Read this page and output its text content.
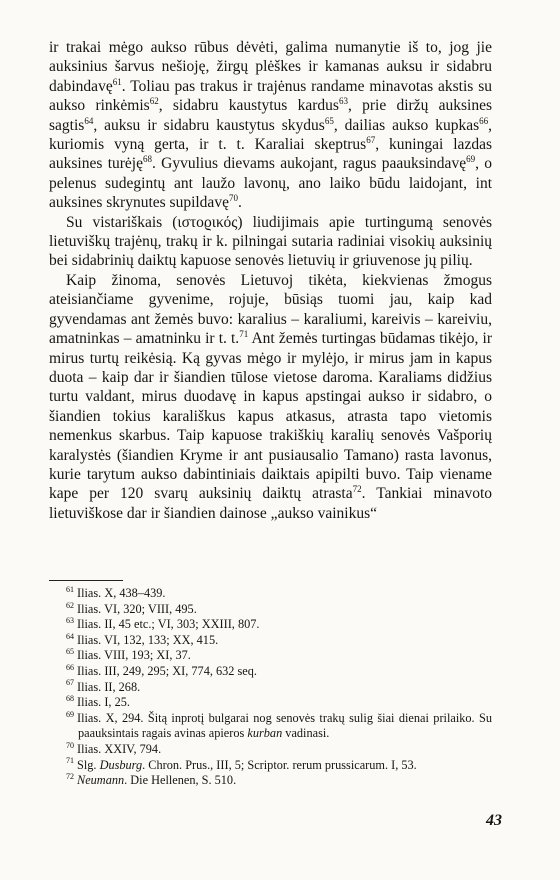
ir trakai mėgo aukso rūbus dėvėti, galima numanytie iš to, jog jie auksinius šarvus nešioję, žirgų plėškes ir kamanas auksu ir sidabru dabindavę$^{61}$. Toliau pas trakus ir trajėnus randame minavotas akstis su aukso rinkėmis$^{62}$, sidabru kaustytus kardus$^{63}$, prie diržų auksines sagtis$^{64}$, auksu ir sidabru kaustytus skydus$^{65}$, dailias aukso kupkas$^{66}$, kuriomis vyną gerta, ir t. t. Karaliai skeptrus$^{67}$, kuningai lazdas auksines turėję$^{68}$. Gyvulius dievams aukojant, ragus paauksindavę$^{69}$, o pelenus sudegintų ant laužo lavonų, ano laiko būdu laidojant, int auksines skrynutes supildavę$^{70}$.

Su vistariškais (ιστοϱικός) liudijimais apie turtingumą senovės lietuviškų trajėnų, trakų ir k. pilningai sutaria radiniai visokių auksinių bei sidabrinių daiktų kapuose senovės lietuvių ir griuvenose jų pilių.

Kaip žinoma, senovės Lietuvoj tikėta, kiekvienas žmogus ateisiančiame gyvenime, rojuje, būsiąs tuomi jau, kaip kad gyvendamas ant žemės buvo: karalius – karaliumi, kareivis – kareiviu, amatninkas – amatninku ir t. t.$^{71}$ Ant žemės turtingas būdamas tikėjo, ir mirus turtų reikėsią. Ką gyvas mėgo ir mylėjo, ir mirus jam in kapus duota – kaip dar ir šiandien tūlose vietose daroma. Karaliams didžius turtu valdant, mirus duodavę in kapus apstingai aukso ir sidabro, o šiandien tokius karališkus kapus atkasus, atrasta tapo vietomis nemenkus skarbus. Taip kapuose trakiškių karalių senovės Vašporių karalystės (šiandien Kryme ir ant pusiausalio Tamano) rasta lavonus, kurie tarytum aukso dabintiniais daiktais apipilti buvo. Taip viename kape per 120 svarų auksinių daiktų atrasta$^{72}$. Tankiai minavoto lietuviškose dar ir šiandien dainose „aukso vainikus“

$^{61}$ Ilias. X, 438–439.

$^{62}$ Ilias. VI, 320; VIII, 495.

$^{63}$ Ilias. II, 45 etc.; VI, 303; XXIII, 807.

$^{64}$ Ilias. VI, 132, 133; XX, 415.

$^{65}$ Ilias. VIII, 193; XI, 37.

$^{66}$ Ilias. III, 249, 295; XI, 774, 632 seq.

$^{67}$ Ilias. II, 268.

$^{68}$ Ilias. I, 25.

$^{69}$ Ilias. X, 294. Šitą inprotį bulgarai nog senovės trakų sulig šiai dienai prilaiko. Su paauksintais ragais avinas apieros kurban vadinasi.

$^{70}$ Ilias. XXIV, 794.

$^{71}$ Slg. Dusburg. Chron. Prus., III, 5; Scriptor. rerum prussicarum. I, 53.

$^{72}$ Neumann. Die Hellenen, S. 510.

43
